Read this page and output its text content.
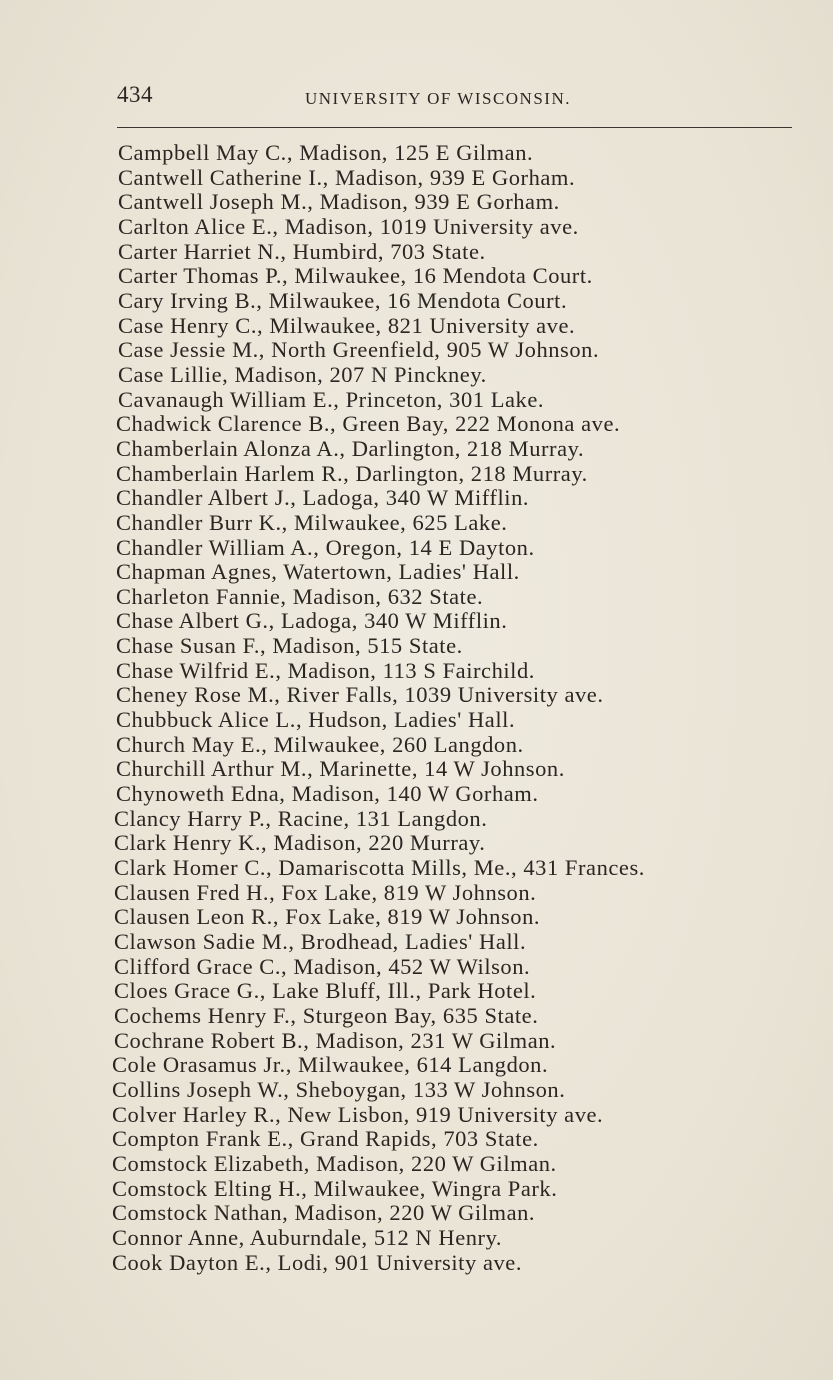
434	UNIVERSITY OF WISCONSIN.
Campbell May C., Madison, 125 E Gilman.
Cantwell Catherine I., Madison, 939 E Gorham.
Cantwell Joseph M., Madison, 939 E Gorham.
Carlton Alice E., Madison, 1019 University ave.
Carter Harriet N., Humbird, 703 State.
Carter Thomas P., Milwaukee, 16 Mendota Court.
Cary Irving B., Milwaukee, 16 Mendota Court.
Case Henry C., Milwaukee, 821 University ave.
Case Jessie M., North Greenfield, 905 W Johnson.
Case Lillie, Madison, 207 N Pinckney.
Cavanaugh William E., Princeton, 301 Lake.
Chadwick Clarence B., Green Bay, 222 Monona ave.
Chamberlain Alonza A., Darlington, 218 Murray.
Chamberlain Harlem R., Darlington, 218 Murray.
Chandler Albert J., Ladoga, 340 W Mifflin.
Chandler Burr K., Milwaukee, 625 Lake.
Chandler William A., Oregon, 14 E Dayton.
Chapman Agnes, Watertown, Ladies' Hall.
Charleton Fannie, Madison, 632 State.
Chase Albert G., Ladoga, 340 W Mifflin.
Chase Susan F., Madison, 515 State.
Chase Wilfrid E., Madison, 113 S Fairchild.
Cheney Rose M., River Falls, 1039 University ave.
Chubbuck Alice L., Hudson, Ladies' Hall.
Church May E., Milwaukee, 260 Langdon.
Churchill Arthur M., Marinette, 14 W Johnson.
Chynoweth Edna, Madison, 140 W Gorham.
Clancy Harry P., Racine, 131 Langdon.
Clark Henry K., Madison, 220 Murray.
Clark Homer C., Damariscotta Mills, Me., 431 Frances.
Clausen Fred H., Fox Lake, 819 W Johnson.
Clausen Leon R., Fox Lake, 819 W Johnson.
Clawson Sadie M., Brodhead, Ladies' Hall.
Clifford Grace C., Madison, 452 W Wilson.
Cloes Grace G., Lake Bluff, Ill., Park Hotel.
Cochems Henry F., Sturgeon Bay, 635 State.
Cochrane Robert B., Madison, 231 W Gilman.
Cole Orasamus Jr., Milwaukee, 614 Langdon.
Collins Joseph W., Sheboygan, 133 W Johnson.
Colver Harley R., New Lisbon, 919 University ave.
Compton Frank E., Grand Rapids, 703 State.
Comstock Elizabeth, Madison, 220 W Gilman.
Comstock Elting H., Milwaukee, Wingra Park.
Comstock Nathan, Madison, 220 W Gilman.
Connor Anne, Auburndale, 512 N Henry.
Cook Dayton E., Lodi, 901 University ave.
